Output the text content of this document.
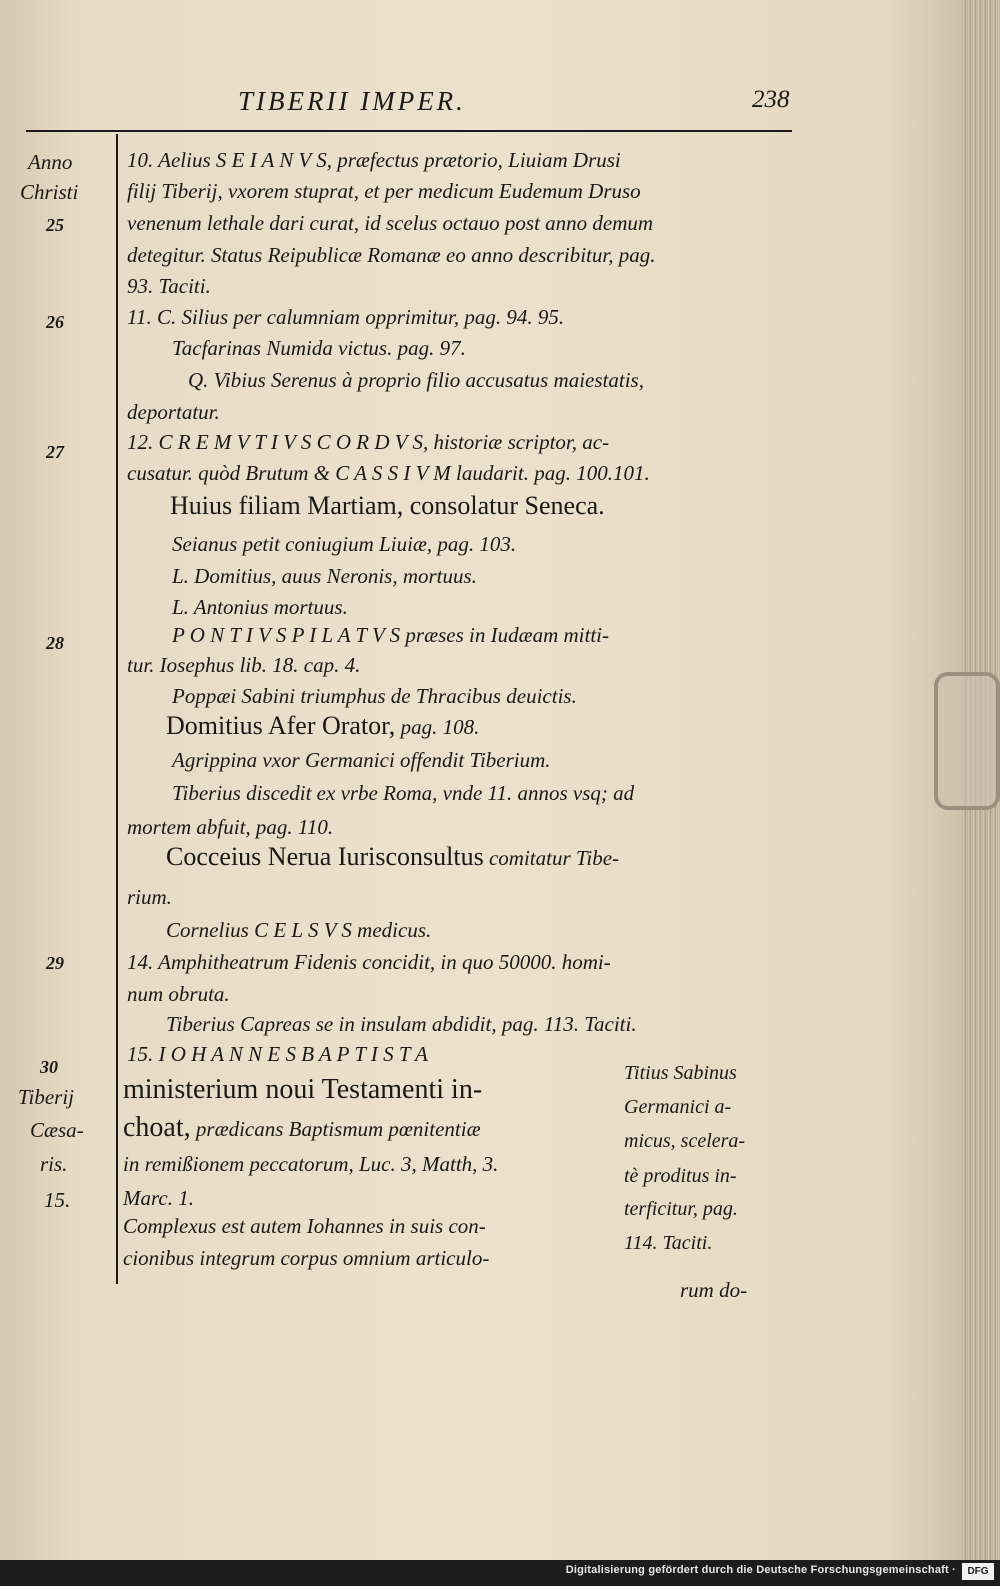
TIBERII IMPER.	238
Anno
Christi
25
26
27
28
29
30
Tiberij
Cæsa-
ris.
15.
10. Aelius S E I A N V S, præfectus prætorio, Liuiam Drusi
filij Tiberij, vxorem stuprat, et per medicum Eudemum Druso
venenum lethale dari curat, id scelus octauo post anno demum
detegitur. Status Reipublicæ Romanæ eo anno describitur, pag.
93. Taciti.
11. C. Silius per calumniam opprimitur, pag. 94. 95.
Tacfarinas Numida victus. pag. 97.
Q. Vibius Serenus à proprio filio accusatus maiestatis,
deportatur.
12. C R E M V T I V S C O R D V S, historiæ scriptor, ac-
cusatur. quòd Brutum & C A S S I V M laudarit. pag. 100.101.
Huius filiam Martiam, consolatur Seneca.
Seianus petit coniugium Liuiæ, pag. 103.
L. Domitius, auus Neronis, mortuus.
L. Antonius mortuus.
P O N T I V S P I L A T V S præses in Iudæam mitti-
tur. Iosephus lib. 18. cap. 4.
Poppæi Sabini triumphus de Thracibus deuictis.
Domitius Afer Orator, pag. 108.
Agrippina vxor Germanici offendit Tiberium.
Tiberius discedit ex vrbe Roma, vnde 11. annos vsq; ad
mortem abfuit, pag. 110.
Cocceius Nerua Iurisconsultus comitatur Tibe-
rium.
Cornelius C E L S V S medicus.
14. Amphitheatrum Fidenis concidit, in quo 50000. homi-
num obruta.
Tiberius Capreas se in insulam abdidit, pag. 113. Taciti.
15. I O H A N N E S B A P T I S T A
ministerium noui Testamenti in-
choat, prædicans Baptismum pœnitentiæ
in remißionem peccatorum, Luc. 3, Matth, 3.
Marc. 1.
Complexus est autem Iohannes in suis con-
cionibus integrum corpus omnium articulo-
rum do-
Titius Sabinus
Germanici a-
micus, scelera-
tè proditus in-
terficitur, pag.
114. Taciti.
Digitalisierung gefördert durch die Deutsche Forschungsgemeinschaft ·	DFG
